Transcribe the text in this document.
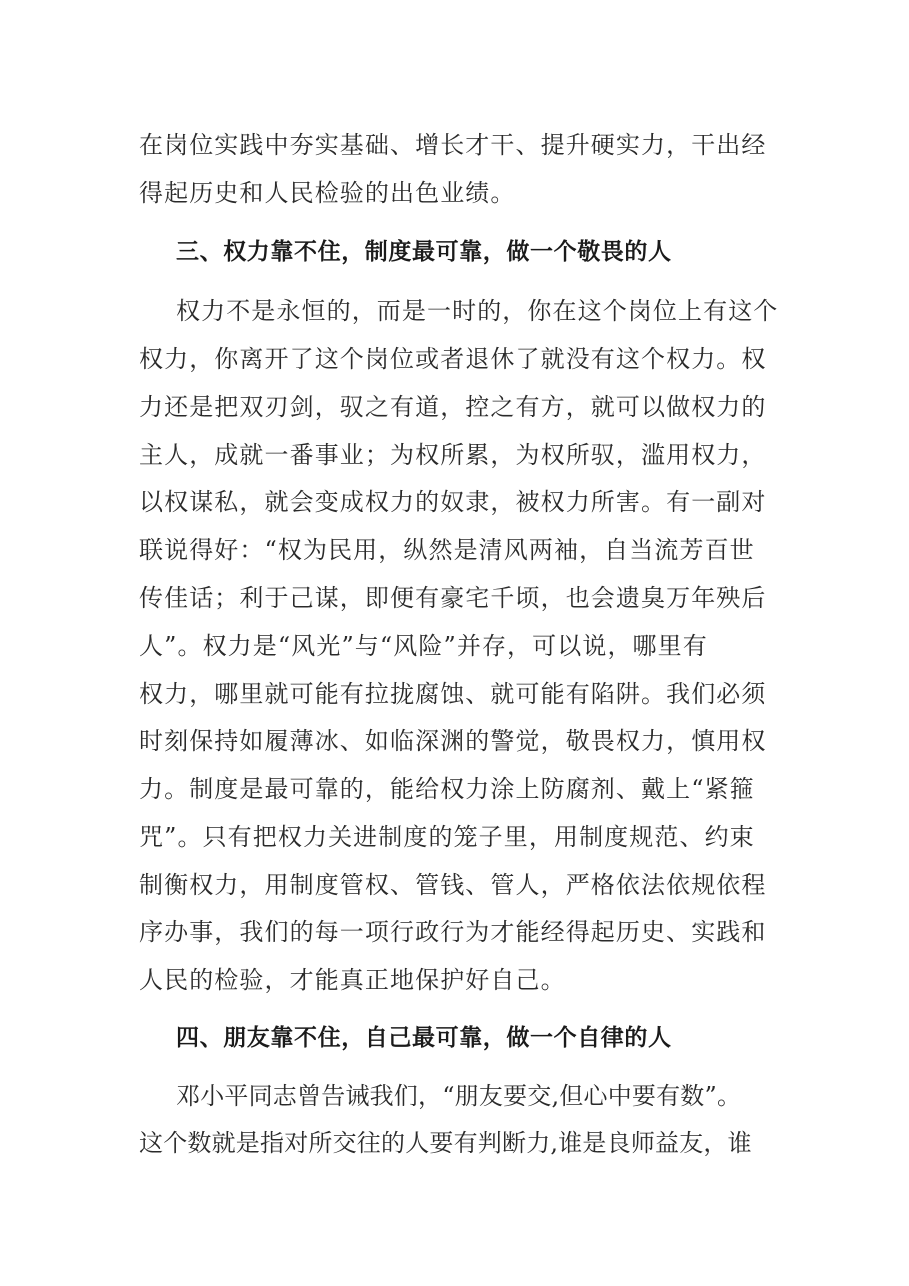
在岗位实践中夯实基础、增长才干、提升硬实力，干出经

得起历史和人民检验的出色业绩。

三、权力靠不住，制度最可靠，做一个敬畏的人

权力不是永恒的，而是一时的，你在这个岗位上有这个

权力，你离开了这个岗位或者退休了就没有这个权力。权

力还是把双刃剑，驭之有道，控之有方，就可以做权力的

主人，成就一番事业；为权所累，为权所驭，滥用权力，

以权谋私，就会变成权力的奴隶，被权力所害。有一副对

联说得好：“权为民用，纵然是清风两袖，自当流芳百世

传佳话；利于己谋，即便有豪宅千顷，也会遗臭万年殃后

人”。权力是“风光”与“风险”并存，可以说，哪里有

权力，哪里就可能有拉拢腐蚀、就可能有陷阱。我们必须

时刻保持如履薄冰、如临深渊的警觉，敬畏权力，慎用权

力。制度是最可靠的，能给权力涂上防腐剂、戴上“紧箍

咒”。只有把权力关进制度的笼子里，用制度规范、约束

制衡权力，用制度管权、管钱、管人，严格依法依规依程

序办事，我们的每一项行政行为才能经得起历史、实践和

人民的检验，才能真正地保护好自己。

四、朋友靠不住，自己最可靠，做一个自律的人

邓小平同志曾告诫我们，“朋友要交,但心中要有数”。

这个数就是指对所交往的人要有判断力,谁是良师益友，谁
